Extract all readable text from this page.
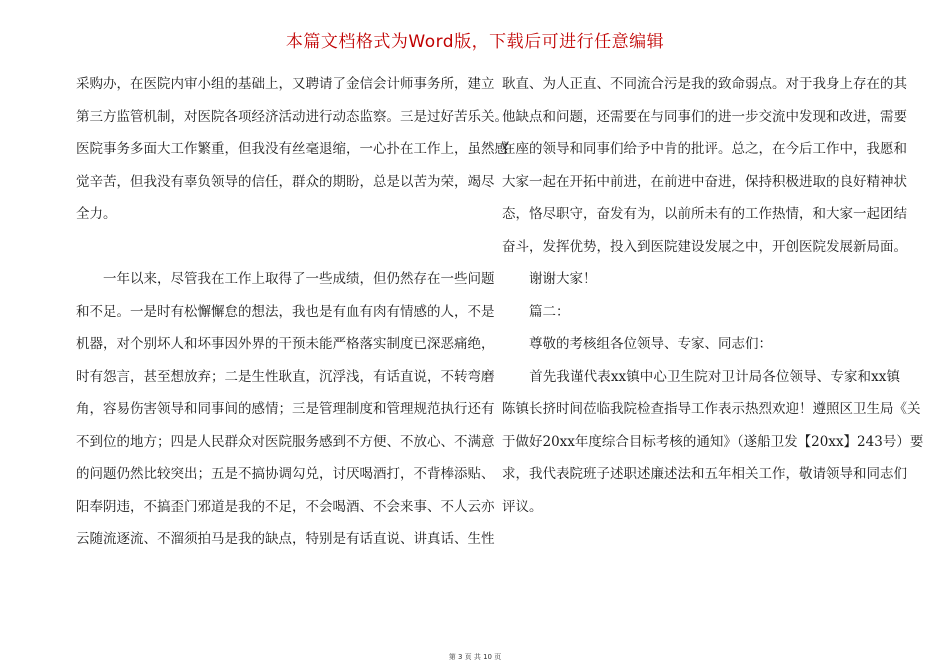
本篇文档格式为Word版，下载后可进行任意编辑
采购办，在医院内审小组的基础上，又聘请了金信会计师事务所，建立
第三方监管机制，对医院各项经济活动进行动态监察。三是过好苦乐关。
医院事务多面大工作繁重，但我没有丝毫退缩，一心扑在工作上，虽然感
觉辛苦，但我没有辜负领导的信任，群众的期盼，总是以苦为荣，竭尽
全力。

　　一年以来，尽管我在工作上取得了一些成绩，但仍然存在一些问题
和不足。一是时有松懈懈怠的想法，我也是有血有肉有情感的人，不是
机器，对个别坏人和坏事因外界的干预未能严格落实制度已深恶痛绝，
时有怨言，甚至想放弃；二是生性耿直，沉浮浅，有话直说，不转弯磨
角，容易伤害领导和同事间的感情；三是管理制度和管理规范执行还有
不到位的地方；四是人民群众对医院服务感到不方便、不放心、不满意
的问题仍然比较突出；五是不搞协调勾兑，讨厌喝酒打，不背棒添贴、
阳奉阴违，不搞歪门邪道是我的不足，不会喝酒、不会来事、不人云亦
云随流逐流、不溜须拍马是我的缺点，特别是有话直说、讲真话、生性
耿直、为人正直、不同流合污是我的致命弱点。对于我身上存在的其
他缺点和问题，还需要在与同事们的进一步交流中发现和改进，需要
在座的领导和同事们给予中肯的批评。总之，在今后工作中，我愿和
大家一起在开拓中前进，在前进中奋进，保持积极进取的良好精神状
态，恪尽职守，奋发有为，以前所未有的工作热情，和大家一起团结
奋斗，发挥优势，投入到医院建设发展之中，开创医院发展新局面。
　　谢谢大家！
　　篇二：
　　尊敬的考核组各位领导、专家、同志们：
　　首先我谨代表xx镇中心卫生院对卫计局各位领导、专家和xx镇
陈镇长挤时间莅临我院检查指导工作表示热烈欢迎！遵照区卫生局《关
于做好20xx年度综合目标考核的通知》（遂船卫发【20xx】243号）要
求，我代表院班子述职述廉述法和五年相关工作，敬请领导和同志们
评议。
第 3 页 共 10 页
